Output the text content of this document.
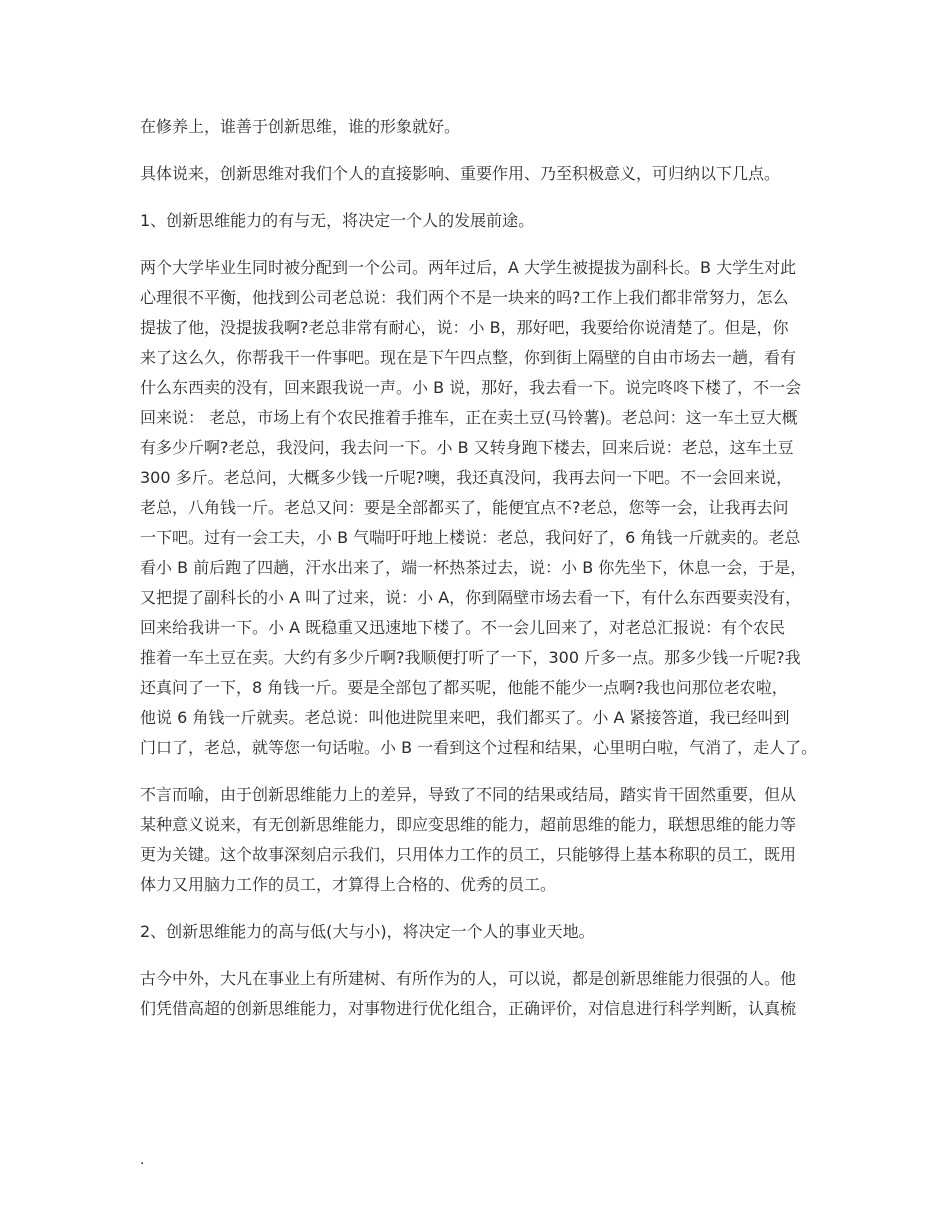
在修养上，谁善于创新思维，谁的形象就好。
具体说来，创新思维对我们个人的直接影响、重要作用、乃至积极意义，可归纳以下几点。
1、创新思维能力的有与无，将决定一个人的发展前途。
两个大学毕业生同时被分配到一个公司。两年过后，A 大学生被提拔为副科长。B 大学生对此
心理很不平衡，他找到公司老总说：我们两个不是一块来的吗?工作上我们都非常努力，怎么
提拔了他，没提拔我啊?老总非常有耐心，说：小 B，那好吧，我要给你说清楚了。但是，你
来了这么久，你帮我干一件事吧。现在是下午四点整，你到街上隔壁的自由市场去一趟，看有
什么东西卖的没有，回来跟我说一声。小 B 说，那好，我去看一下。说完咚咚下楼了，不一会
回来说： 老总，市场上有个农民推着手推车，正在卖土豆(马铃薯)。老总问：这一车土豆大概
有多少斤啊?老总，我没问，我去问一下。小 B 又转身跑下楼去，回来后说：老总，这车土豆
300 多斤。老总问，大概多少钱一斤呢?噢，我还真没问，我再去问一下吧。不一会回来说，
老总，八角钱一斤。老总又问：要是全部都买了，能便宜点不?老总，您等一会，让我再去问
一下吧。过有一会工夫，小 B 气喘吁吁地上楼说：老总，我问好了，6 角钱一斤就卖的。老总
看小 B 前后跑了四趟，汗水出来了，端一杯热茶过去，说：小 B 你先坐下，休息一会，于是，
又把提了副科长的小 A 叫了过来，说：小 A，你到隔壁市场去看一下，有什么东西要卖没有，
回来给我讲一下。小 A 既稳重又迅速地下楼了。不一会儿回来了，对老总汇报说：有个农民
推着一车土豆在卖。大约有多少斤啊?我顺便打听了一下，300 斤多一点。那多少钱一斤呢?我
还真问了一下，8 角钱一斤。要是全部包了都买呢，他能不能少一点啊?我也问那位老农啦，
他说 6 角钱一斤就卖。老总说：叫他进院里来吧，我们都买了。小 A 紧接答道，我已经叫到
门口了，老总，就等您一句话啦。小 B 一看到这个过程和结果，心里明白啦，气消了，走人了。
不言而喻，由于创新思维能力上的差异，导致了不同的结果或结局，踏实肯干固然重要，但从
某种意义说来，有无创新思维能力，即应变思维的能力，超前思维的能力，联想思维的能力等
更为关键。这个故事深刻启示我们，只用体力工作的员工，只能够得上基本称职的员工，既用
体力又用脑力工作的员工，才算得上合格的、优秀的员工。
2、创新思维能力的高与低(大与小)，将决定一个人的事业天地。
古今中外，大凡在事业上有所建树、有所作为的人，可以说，都是创新思维能力很强的人。他
们凭借高超的创新思维能力，对事物进行优化组合，正确评价，对信息进行科学判断，认真梳
.
